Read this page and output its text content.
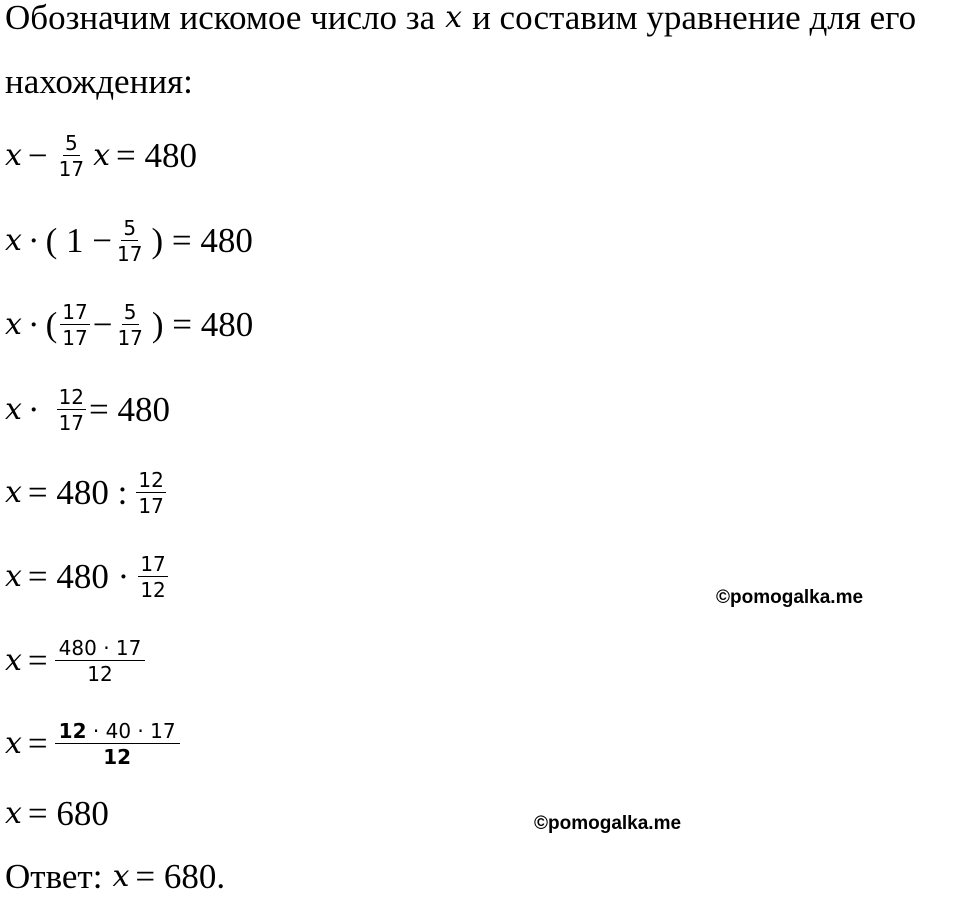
Обозначим искомое число за x и составим уравнение для его
нахождения:
$x - \frac{5}{17}$ x = 480
x · ( $1 - \frac{5}{17}$ ) = 480
x · ( $\frac{17}{17} - \frac{5}{17}$ ) = 480
$x \cdot \frac{12}{17} = 480$
x = 480 : $\frac{12}{17}$
$x = 480 \cdot \frac{17}{12}$
$x = \frac{480 \cdot 17}{12}$
$x = \frac{12 \cdot 40 \cdot 17}{12}$
x = 680
Ответ: x = 680.
©pomogalka.me
©pomogalka.me
